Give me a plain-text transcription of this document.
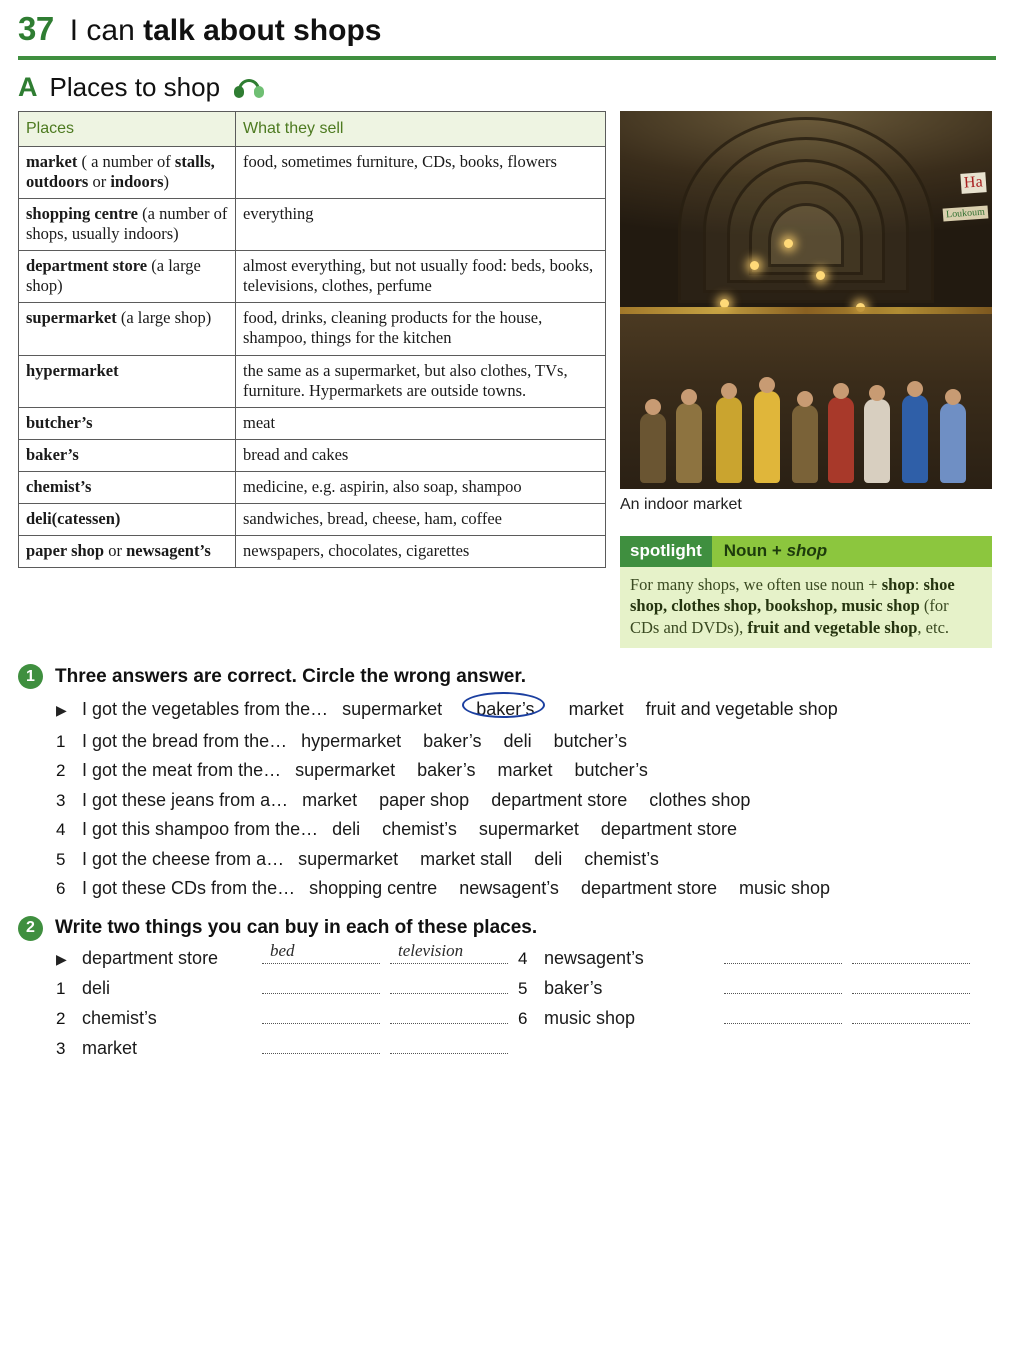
37 I can talk about shops
A Places to shop
Places	What they sell
market ( a number of stalls, outdoors or indoors)	food, sometimes furniture, CDs, books, flowers
shopping centre (a number of shops, usually indoors)	everything
department store (a large shop)	almost everything, but not usually food: beds, books, televisions, clothes, perfume
supermarket (a large shop)	food, drinks, cleaning products for the house, shampoo, things for the kitchen
hypermarket	the same as a supermarket, but also clothes, TVs, furniture. Hypermarkets are outside towns.
butcher’s	meat
baker’s	bread and cakes
chemist’s	medicine, e.g. aspirin, also soap, shampoo
deli(catessen)	sandwiches, bread, cheese, ham, coffee
paper shop or newsagent’s	newspapers, chocolates, cigarettes
Ha
Loukoum
An indoor market
spotlight	Noun + shop
For many shops, we often use noun + shop: shoe shop, clothes shop, bookshop, music shop (for CDs and DVDs), fruit and vegetable shop, etc.
1	Three answers are correct. Circle the wrong answer.
▶ I got the vegetables from the… supermarket	baker’s	market fruit and vegetable shop
1 I got the bread from the… hypermarket baker’s deli butcher’s
2 I got the meat from the… supermarket baker’s market butcher’s
3 I got these jeans from a… market paper shop department store clothes shop
4 I got this shampoo from the… deli chemist’s supermarket department store
5 I got the cheese from a… supermarket market stall deli chemist’s
6 I got these CDs from the… shopping centre newsagent’s department store music shop
2	Write two things you can buy in each of these places.
▶ department store	bed	television
1 deli
2 chemist’s
3 market
4 newsagent’s
5 baker’s
6 music shop
